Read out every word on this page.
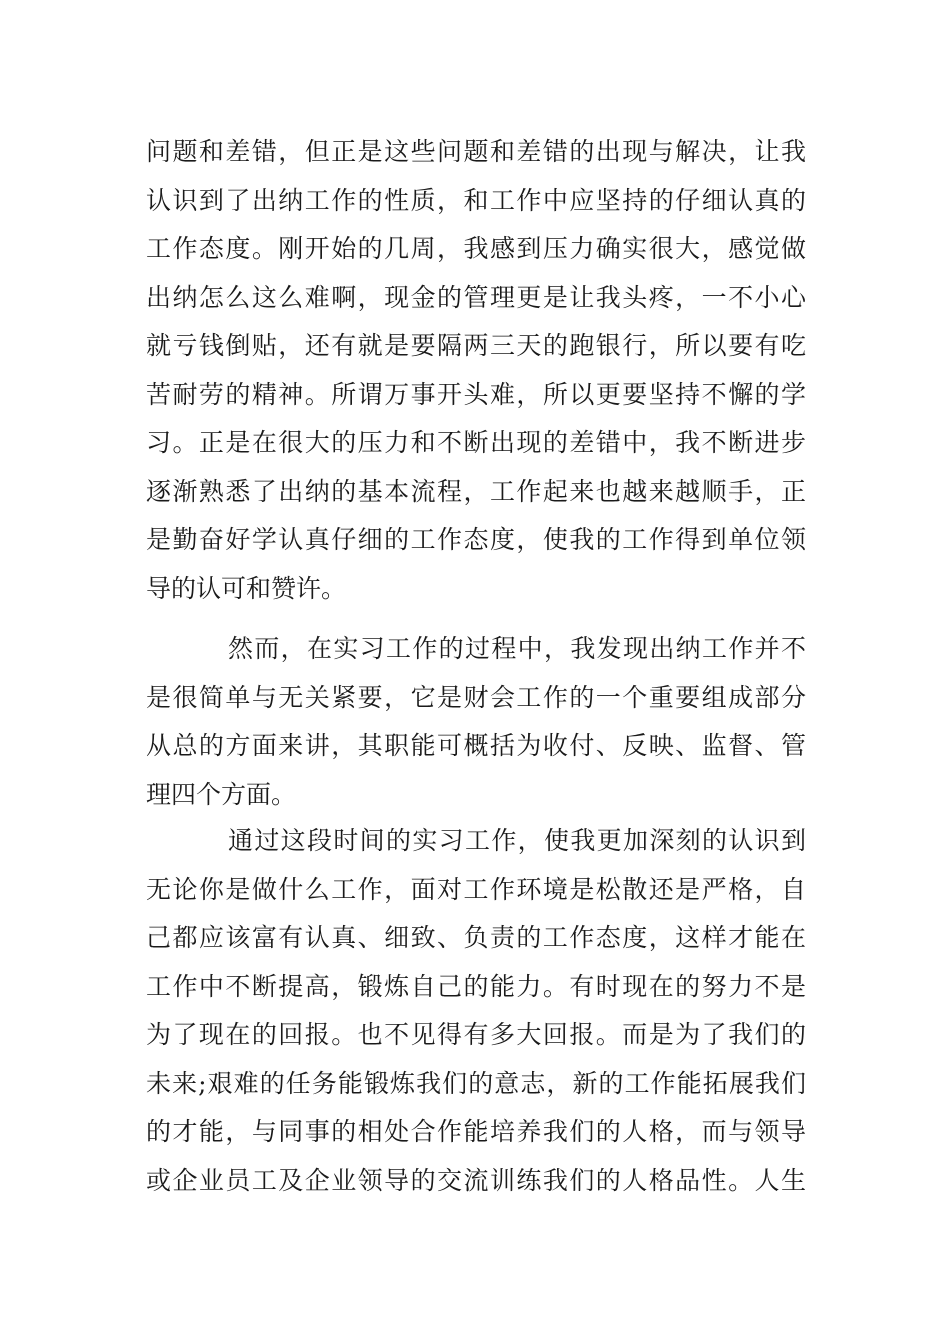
问题和差错，但正是这些问题和差错的出现与解决，让我
认识到了出纳工作的性质，和工作中应坚持的仔细认真的
工作态度。刚开始的几周，我感到压力确实很大，感觉做
出纳怎么这么难啊，现金的管理更是让我头疼，一不小心
就亏钱倒贴，还有就是要隔两三天的跑银行，所以要有吃
苦耐劳的精神。所谓万事开头难，所以更要坚持不懈的学
习。正是在很大的压力和不断出现的差错中，我不断进步
逐渐熟悉了出纳的基本流程，工作起来也越来越顺手，正
是勤奋好学认真仔细的工作态度，使我的工作得到单位领
导的认可和赞许。
然而，在实习工作的过程中，我发现出纳工作并不
是很简单与无关紧要，它是财会工作的一个重要组成部分
从总的方面来讲，其职能可概括为收付、反映、监督、管
理四个方面。
通过这段时间的实习工作，使我更加深刻的认识到
无论你是做什么工作，面对工作环境是松散还是严格，自
己都应该富有认真、细致、负责的工作态度，这样才能在
工作中不断提高，锻炼自己的能力。有时现在的努力不是
为了现在的回报。也不见得有多大回报。而是为了我们的
未来;艰难的任务能锻炼我们的意志，新的工作能拓展我们
的才能，与同事的相处合作能培养我们的人格，而与领导
或企业员工及企业领导的交流训练我们的人格品性。人生
